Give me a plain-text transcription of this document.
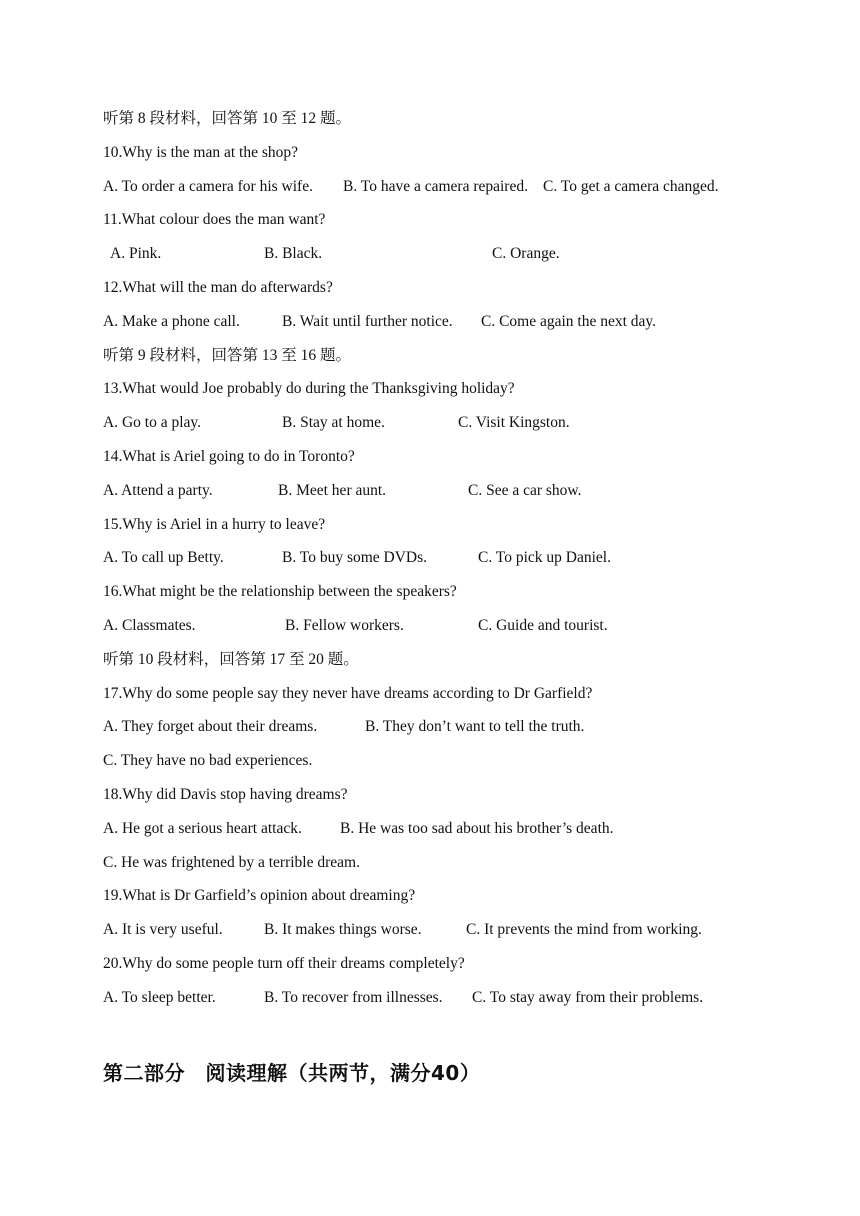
听第 8 段材料，回答第 10 至 12 题。
10.Why is the man at the shop?
A. To order a camera for his wife. B. To have a camera repaired. C. To get a camera changed.
11.What colour does the man want?
A. Pink.	B. Black.	C. Orange.
12.What will the man do afterwards?
A. Make a phone call.	B. Wait until further notice. C. Come again the next day.
听第 9 段材料，回答第 13 至 16 题。
13.What would Joe probably do during the Thanksgiving holiday?
A. Go to a play.	B. Stay at home.	C. Visit Kingston.
14.What is Ariel going to do in Toronto?
A. Attend a party.	B. Meet her aunt.	C. See a car show.
15.Why is Ariel in a hurry to leave?
A. To call up Betty.	B. To buy some DVDs.	C. To pick up Daniel.
16.What might be the relationship between the speakers?
A. Classmates.	B. Fellow workers.	C. Guide and tourist.
听第 10 段材料，回答第 17 至 20 题。
17.Why do some people say they never have dreams according to Dr Garfield?
A. They forget about their dreams.	B. They don’t want to tell the truth.
C. They have no bad experiences.
18.Why did Davis stop having dreams?
A. He got a serious heart attack. B. He was too sad about his brother’s death.
C. He was frightened by a terrible dream.
19.What is Dr Garfield’s opinion about dreaming?
A. It is very useful.	B. It makes things worse.	C. It prevents the mind from working.
20.Why do some people turn off their dreams completely?
A. To sleep better.	B. To recover from illnesses. C. To stay away from their problems.
第二部分　阅读理解（共两节，满分40）
